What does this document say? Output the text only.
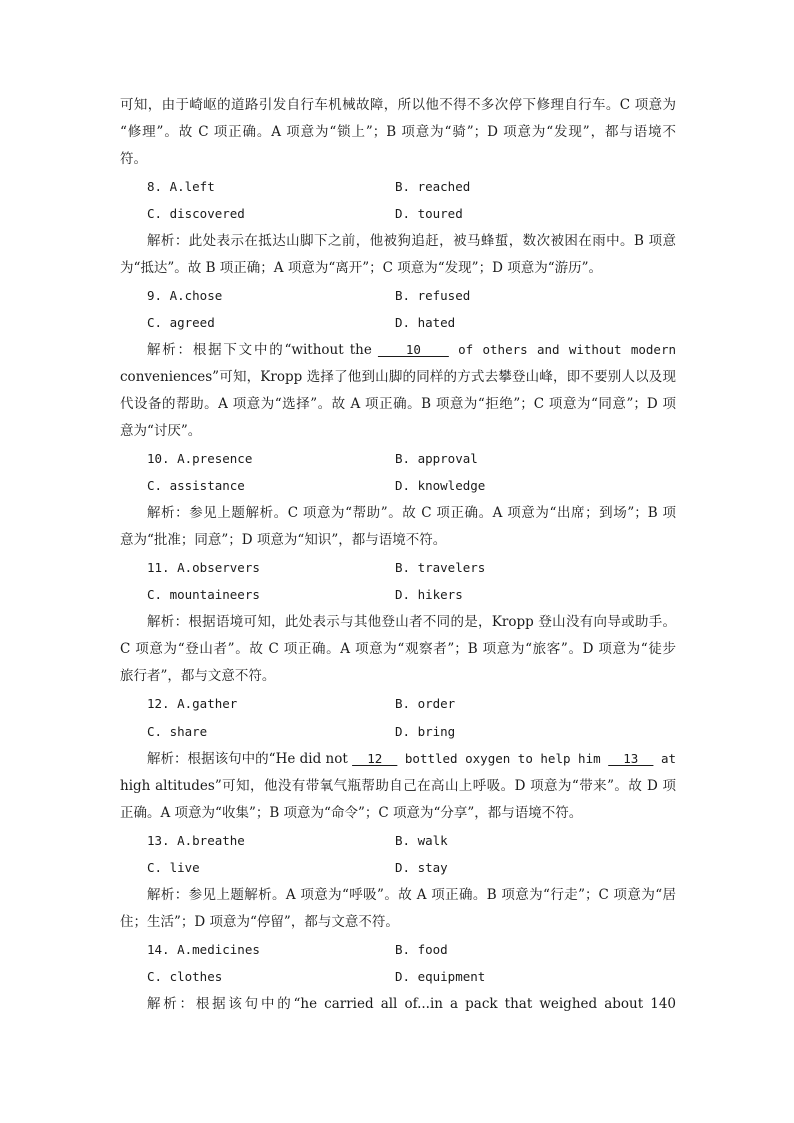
可知，由于崎岖的道路引发自行车机械故障，所以他不得不多次停下修理自行车。C 项意为
“修理”。故 C 项正确。A 项意为“锁上”；B 项意为“骑”；D 项意为“发现”，都与语境不
符。
8. A.left	B. reached
C. discovered	D. toured
解析：此处表示在抵达山脚下之前，他被狗追赶，被马蜂蜇，数次被困在雨中。B 项意
为“抵达”。故 B 项正确；A 项意为“离开”；C 项意为“发现”；D 项意为“游历”。
9. A.chose	B. refused
C. agreed	D. hated
解析：根据下文中的“without the    10    of others and without modern
conveniences”可知，Kropp 选择了他到山脚的同样的方式去攀登山峰，即不要别人以及现
代设备的帮助。A 项意为“选择”。故 A 项正确。B 项意为“拒绝”；C 项意为“同意”；D 项
意为“讨厌”。
10. A.presence	B. approval
C. assistance	D. knowledge
解析：参见上题解析。C 项意为“帮助”。故 C 项正确。A 项意为“出席；到场”；B 项
意为“批准；同意”；D 项意为“知识”，都与语境不符。
11. A.observers	B. travelers
C. mountaineers	D. hikers
解析：根据语境可知，此处表示与其他登山者不同的是，Kropp 登山没有向导或助手。
C 项意为“登山者”。故 C 项正确。A 项意为“观察者”；B 项意为“旅客”。D 项意为“徒步
旅行者”，都与文意不符。
12. A.gather	B. order
C. share	D. bring
解析：根据该句中的“He did not   12   bottled oxygen to help him   13   at
high altitudes”可知，他没有带氧气瓶帮助自己在高山上呼吸。D 项意为“带来”。故 D 项
正确。A 项意为“收集”；B 项意为“命令”；C 项意为“分享”，都与语境不符。
13. A.breathe	B. walk
C. live	D. stay
解析：参见上题解析。A 项意为“呼吸”。故 A 项正确。B 项意为“行走”；C 项意为“居
住；生活”；D 项意为“停留”，都与文意不符。
14. A.medicines	B. food
C. clothes	D. equipment
解析：根据该句中的“he carried all of...in a pack that weighed about 140
